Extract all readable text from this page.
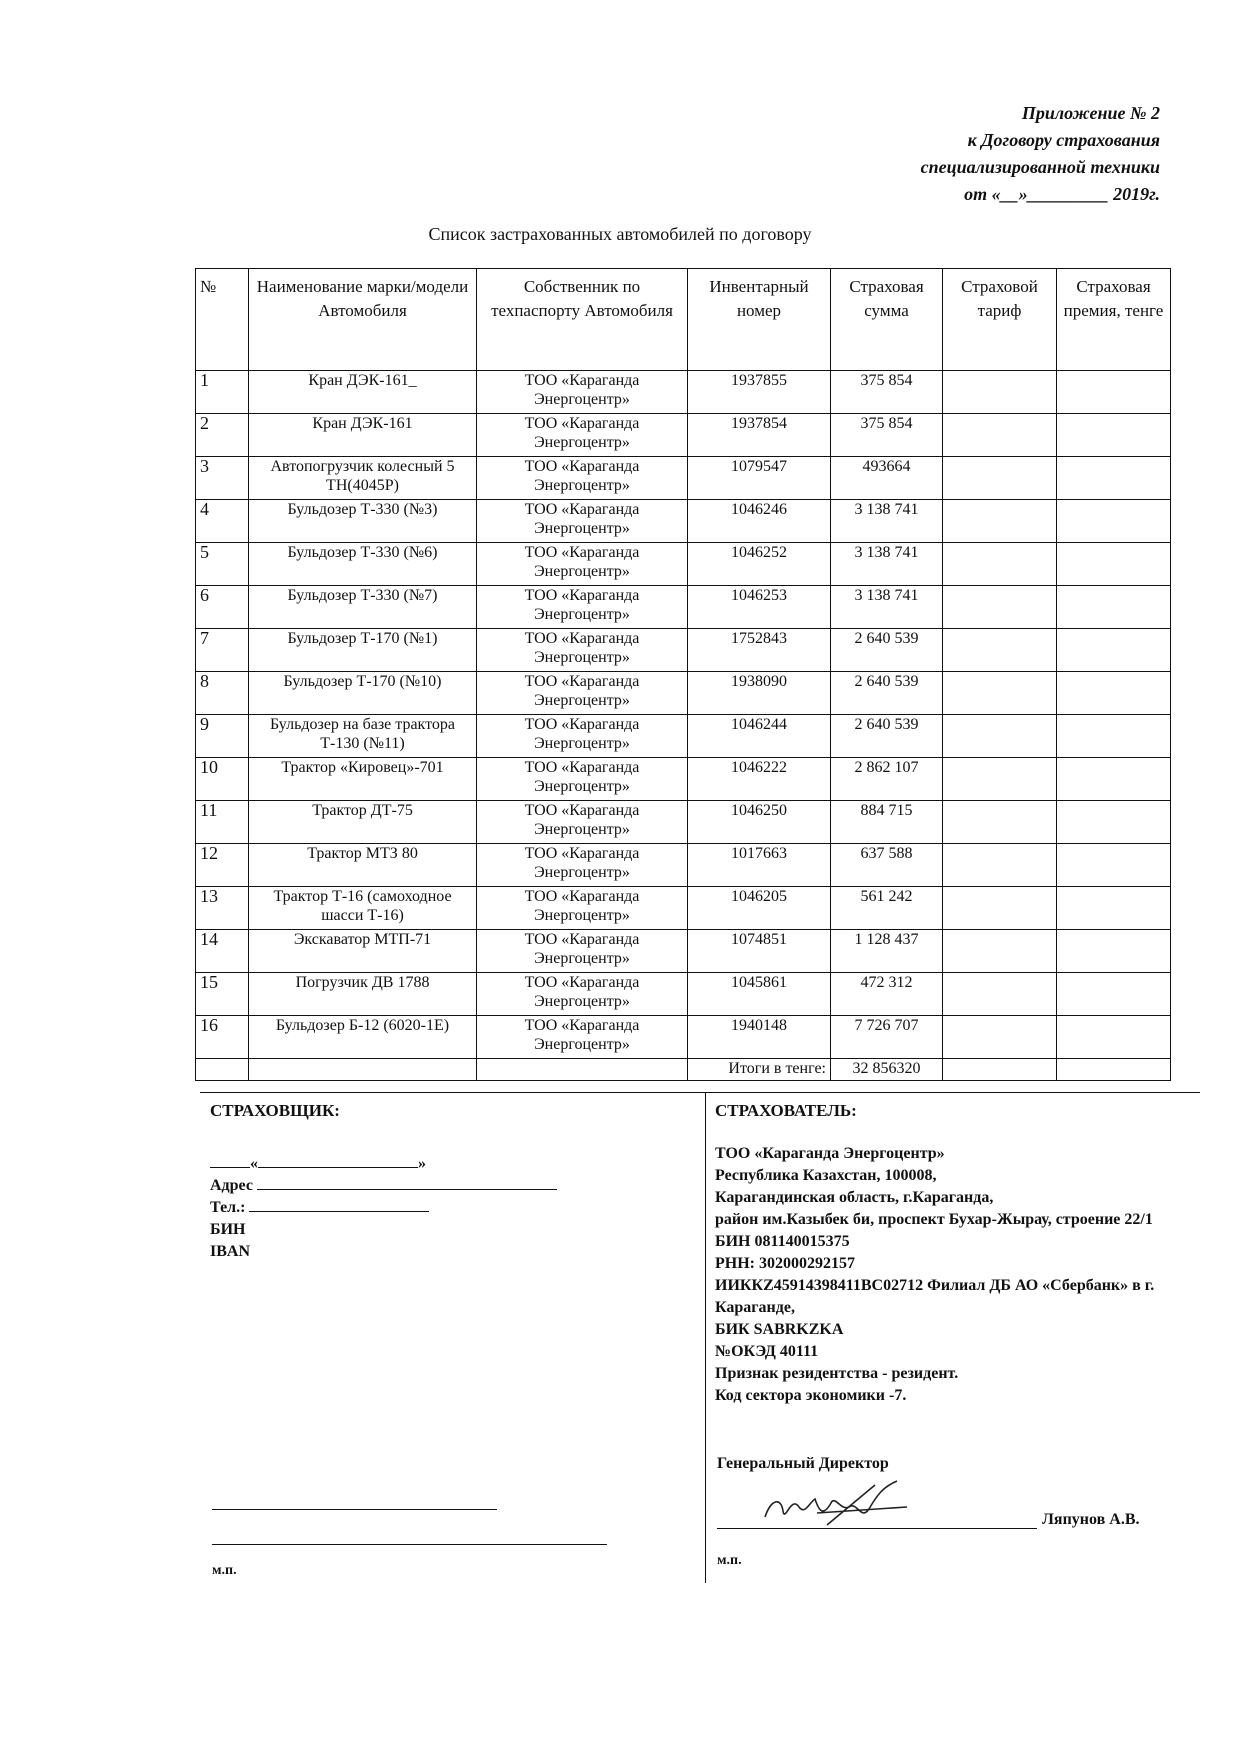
Приложение № 2
к Договору страхования
специализированной техники
от «__»_________ 2019г.
Список застрахованных автомобилей по договору
№	Наименование марки/модели Автомобиля	Собственник по техпаспорту Автомобиля	Инвентарный номер	Страховая сумма	Страховой тариф	Страховая премия, тенге
1	Кран ДЭК-161_	ТОО «Караганда Энергоцентр»	1937855	375 854		
2	Кран ДЭК-161	ТОО «Караганда Энергоцентр»	1937854	375 854		
3	Автопогрузчик колесный 5 ТН(4045Р)	ТОО «Караганда Энергоцентр»	1079547	493664		
4	Бульдозер Т-330 (№3)	ТОО «Караганда Энергоцентр»	1046246	3 138 741		
5	Бульдозер Т-330 (№6)	ТОО «Караганда Энергоцентр»	1046252	3 138 741		
6	Бульдозер Т-330 (№7)	ТОО «Караганда Энергоцентр»	1046253	3 138 741		
7	Бульдозер Т-170 (№1)	ТОО «Караганда Энергоцентр»	1752843	2 640 539		
8	Бульдозер Т-170 (№10)	ТОО «Караганда Энергоцентр»	1938090	2 640 539		
9	Бульдозер на базе трактора Т-130 (№11)	ТОО «Караганда Энергоцентр»	1046244	2 640 539		
10	Трактор «Кировец»-701	ТОО «Караганда Энергоцентр»	1046222	2 862 107		
11	Трактор ДТ-75	ТОО «Караганда Энергоцентр»	1046250	884 715		
12	Трактор МТЗ 80	ТОО «Караганда Энергоцентр»	1017663	637 588		
13	Трактор Т-16 (самоходное шасси Т-16)	ТОО «Караганда Энергоцентр»	1046205	561 242		
14	Экскаватор МТП-71	ТОО «Караганда Энергоцентр»	1074851	1 128 437		
15	Погрузчик ДВ 1788	ТОО «Караганда Энергоцентр»	1045861	472 312		
16	Бульдозер Б-12 (6020-1Е)	ТОО «Караганда Энергоцентр»	1940148	7 726 707		
			Итоги в тенге:	32 856320		
СТРАХОВЩИК:
«	»
Адрес
Тел.:
БИН
IBAN
м.п.
СТРАХОВАТЕЛЬ:
ТОО «Караганда Энергоцентр»
Республика Казахстан, 100008,
Карагандинская область, г.Караганда,
район им.Казыбек би, проспект Бухар-Жырау, строение 22/1
БИН 081140015375
РНН: 302000292157
ИИККZ45914398411ВС02712 Филиал ДБ АО «Сбербанк» в г. Караганде,
БИК SABRKZKA
№ОКЭД 40111
Признак резидентства - резидент.
Код сектора экономики -7.
Генеральный Директор
Ляпунов А.В.
м.п.
